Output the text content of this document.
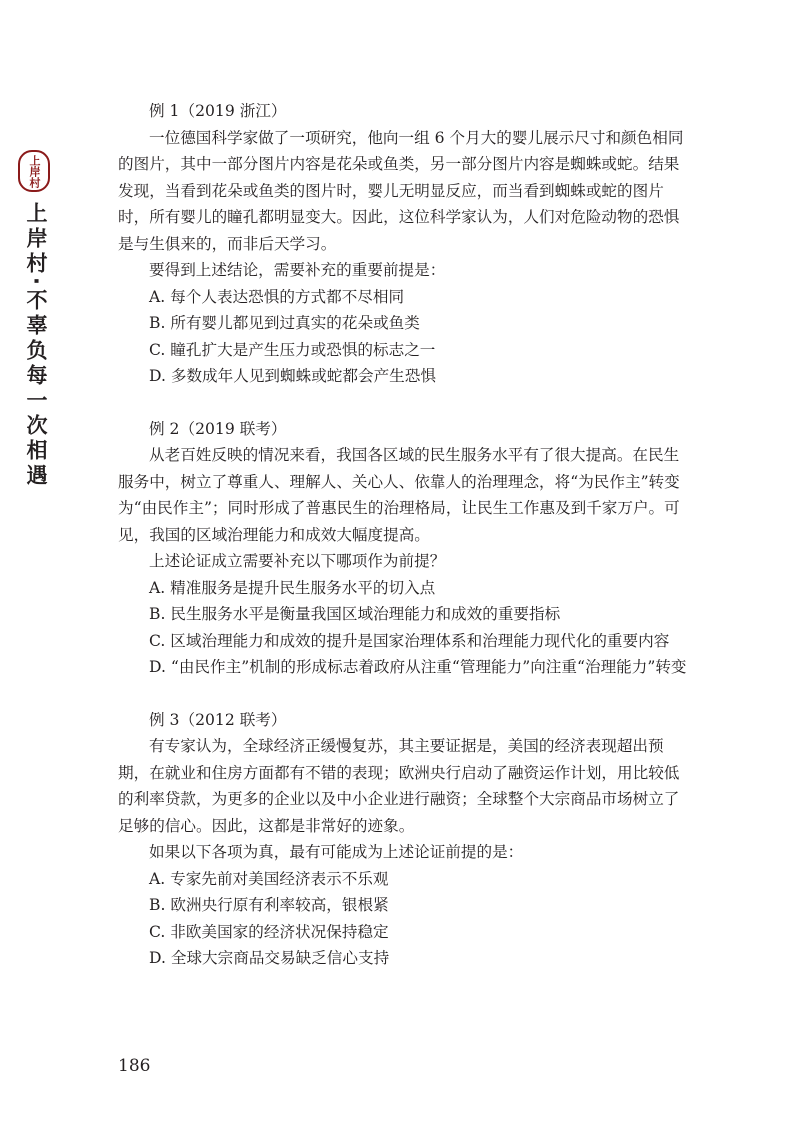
上岸村
上岸村·不辜负每一次相遇

例 1（2019 浙江）

一位德国科学家做了一项研究，他向一组 6 个月大的婴儿展示尺寸和颜色相同的图片，其中一部分图片内容是花朵或鱼类，另一部分图片内容是蜘蛛或蛇。结果发现，当看到花朵或鱼类的图片时，婴儿无明显反应，而当看到蜘蛛或蛇的图片时，所有婴儿的瞳孔都明显变大。因此，这位科学家认为，人们对危险动物的恐惧是与生俱来的，而非后天学习。

要得到上述结论，需要补充的重要前提是：

A. 每个人表达恐惧的方式都不尽相同

B. 所有婴儿都见到过真实的花朵或鱼类

C. 瞳孔扩大是产生压力或恐惧的标志之一

D. 多数成年人见到蜘蛛或蛇都会产生恐惧

例 2（2019 联考）

从老百姓反映的情况来看，我国各区域的民生服务水平有了很大提高。在民生服务中，树立了尊重人、理解人、关心人、依靠人的治理理念，将“为民作主”转变为“由民作主”；同时形成了普惠民生的治理格局，让民生工作惠及到千家万户。可见，我国的区域治理能力和成效大幅度提高。

上述论证成立需要补充以下哪项作为前提？

A. 精准服务是提升民生服务水平的切入点

B. 民生服务水平是衡量我国区域治理能力和成效的重要指标

C. 区域治理能力和成效的提升是国家治理体系和治理能力现代化的重要内容

D. “由民作主”机制的形成标志着政府从注重“管理能力”向注重“治理能力”转变

例 3（2012 联考）

有专家认为，全球经济正缓慢复苏，其主要证据是，美国的经济表现超出预期，在就业和住房方面都有不错的表现；欧洲央行启动了融资运作计划，用比较低的利率贷款，为更多的企业以及中小企业进行融资；全球整个大宗商品市场树立了足够的信心。因此，这都是非常好的迹象。

如果以下各项为真，最有可能成为上述论证前提的是：

A. 专家先前对美国经济表示不乐观

B. 欧洲央行原有利率较高，银根紧

C. 非欧美国家的经济状况保持稳定

D. 全球大宗商品交易缺乏信心支持

186
